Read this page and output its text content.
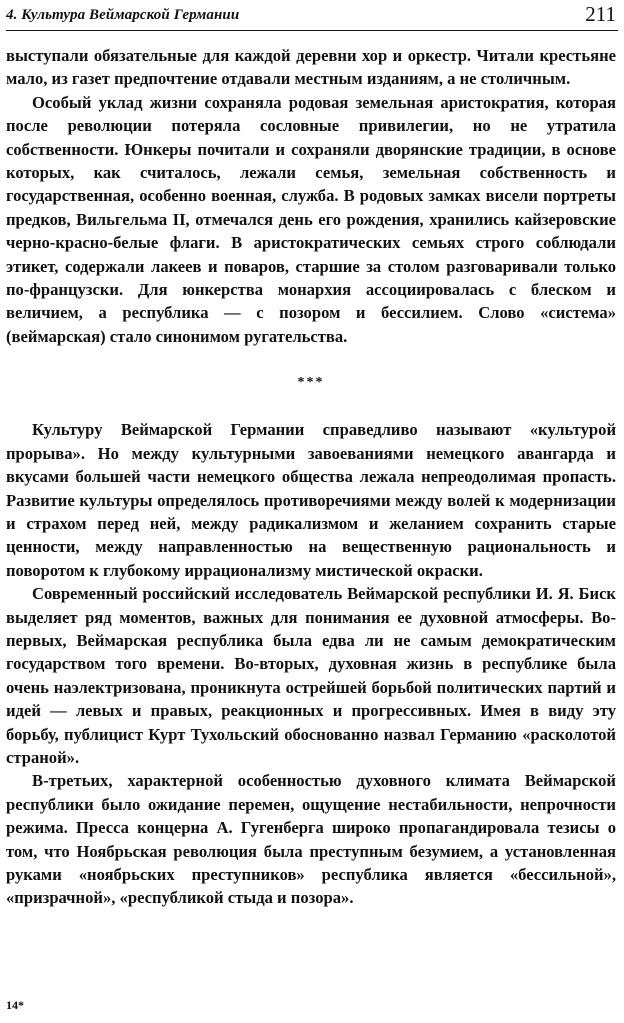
4. Культура Веймарской Германии	211

выступали обязательные для каждой деревни хор и оркестр. Читали крестьяне мало, из газет предпочтение отдавали местным изданиям, а не столичным.

Особый уклад жизни сохраняла родовая земельная аристократия, которая после революции потеряла сословные привилегии, но не утратила собственности. Юнкеры почитали и сохраняли дворянские традиции, в основе которых, как считалось, лежали семья, земельная собственность и государственная, особенно военная, служба. В родовых замках висели портреты предков, Вильгельма II, отмечался день его рождения, хранились кайзеровские черно-красно-белые флаги. В аристократических семьях строго соблюдали этикет, содержали лакеев и поваров, старшие за столом разговаривали только по-французски. Для юнкерства монархия ассоциировалась с блеском и величием, а республика — с позором и бессилием. Слово «система» (веймарская) стало синонимом ругательства.

***

Культуру Веймарской Германии справедливо называют «культурой прорыва». Но между культурными завоеваниями немецкого авангарда и вкусами большей части немецкого общества лежала непреодолимая пропасть. Развитие культуры определялось противоречиями между волей к модернизации и страхом перед ней, между радикализмом и желанием сохранить старые ценности, между направленностью на вещественную рациональность и поворотом к глубокому иррационализму мистической окраски.

Современный российский исследователь Веймарской республики И. Я. Биск выделяет ряд моментов, важных для понимания ее духовной атмосферы. Во-первых, Веймарская республика была едва ли не самым демократическим государством того времени. Во-вторых, духовная жизнь в республике была очень наэлектризована, проникнута острейшей борьбой политических партий и идей — левых и правых, реакционных и прогрессивных. Имея в виду эту борьбу, публицист Курт Тухольский обоснованно назвал Германию «расколотой страной».

В-третьих, характерной особенностью духовного климата Веймарской республики было ожидание перемен, ощущение нестабильности, непрочности режима. Пресса концерна А. Гугенберга широко пропагандировала тезисы о том, что Ноябрьская революция была преступным безумием, а установленная руками «ноябрьских преступников» республика является «бессильной», «призрачной», «республикой стыда и позора».

14*
